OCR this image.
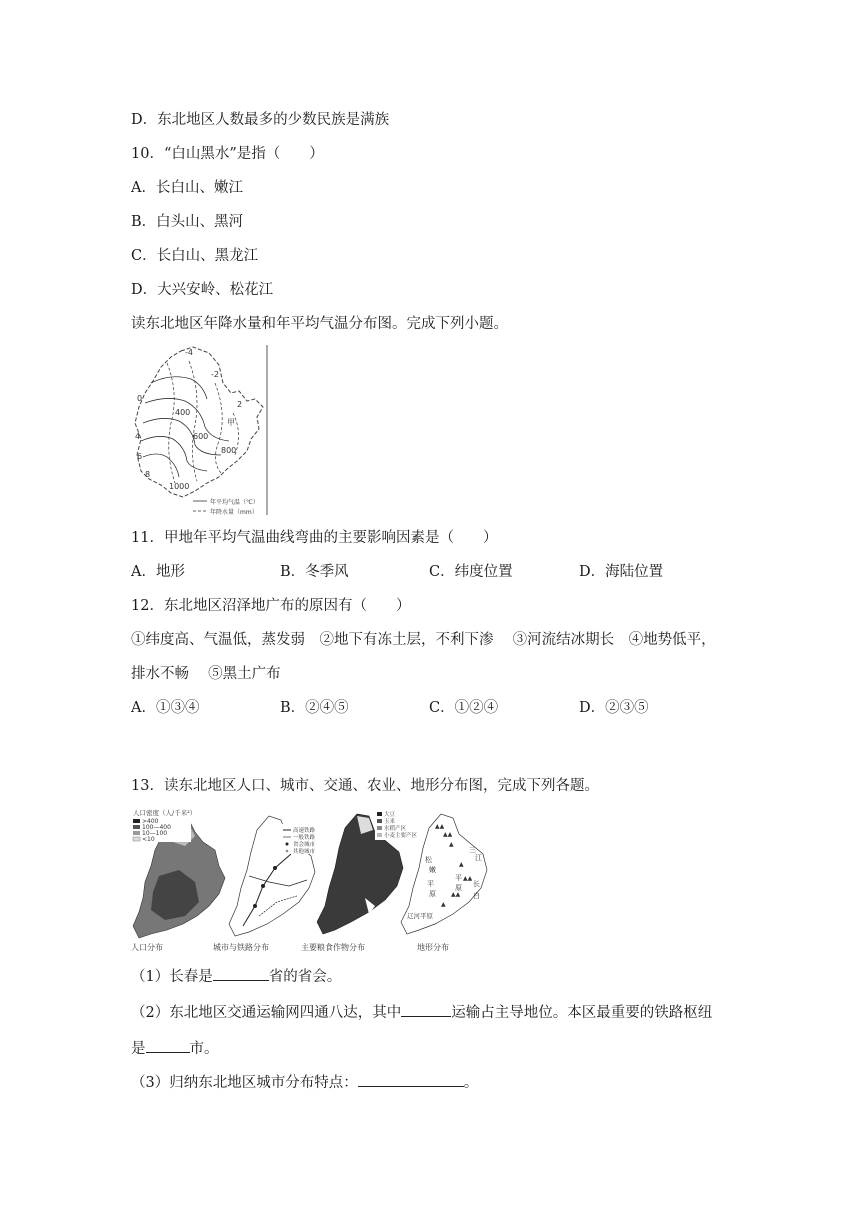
D．东北地区人数最多的少数民族是满族
10．“白山黑水”是指（　　）
A．长白山、嫩江
B．白头山、黑河
C．长白山、黑龙江
D．大兴安岭、松花江
读东北地区年降水量和年平均气温分布图。完成下列小题。
-4
-2
0
2
4
6
8
400
600
800
1000
甲
年平均气温（℃）
年降水量（mm）
11．甲地年平均气温曲线弯曲的主要影响因素是（　　）
A．地形	B．冬季风	C．纬度位置	D．海陆位置
12．东北地区沼泽地广布的原因有（　　）
①纬度高、气温低，蒸发弱　②地下有冻土层，不利下渗　 ③河流结冰期长　④地势低平，
排水不畅　 ⑤黑土广布
A．①③④	B．②④⑤	C．①②④	D．②③⑤
13．读东北地区人口、城市、交通、农业、地形分布图，完成下列各题。
人口密度（人/千米²）
>400
100—400
10—100
<10
人口分布
高速铁路
一般铁路
省会城市
其他城市
城市与铁路分布
大豆
玉米
水稻产区
小麦主要产区
主要粮食作物分布
▲▲
▲▲
▲
▲
▲▲
▲▲
▲
松
嫩
平
原
三
江
平
原
辽河平原
长
白
地形分布
（1）长春是	省的省会。
（2）东北地区交通运输网四通八达，其中	运输占主导地位。本区最重要的铁路枢纽
是	市。
（3）归纳东北地区城市分布特点：	。
